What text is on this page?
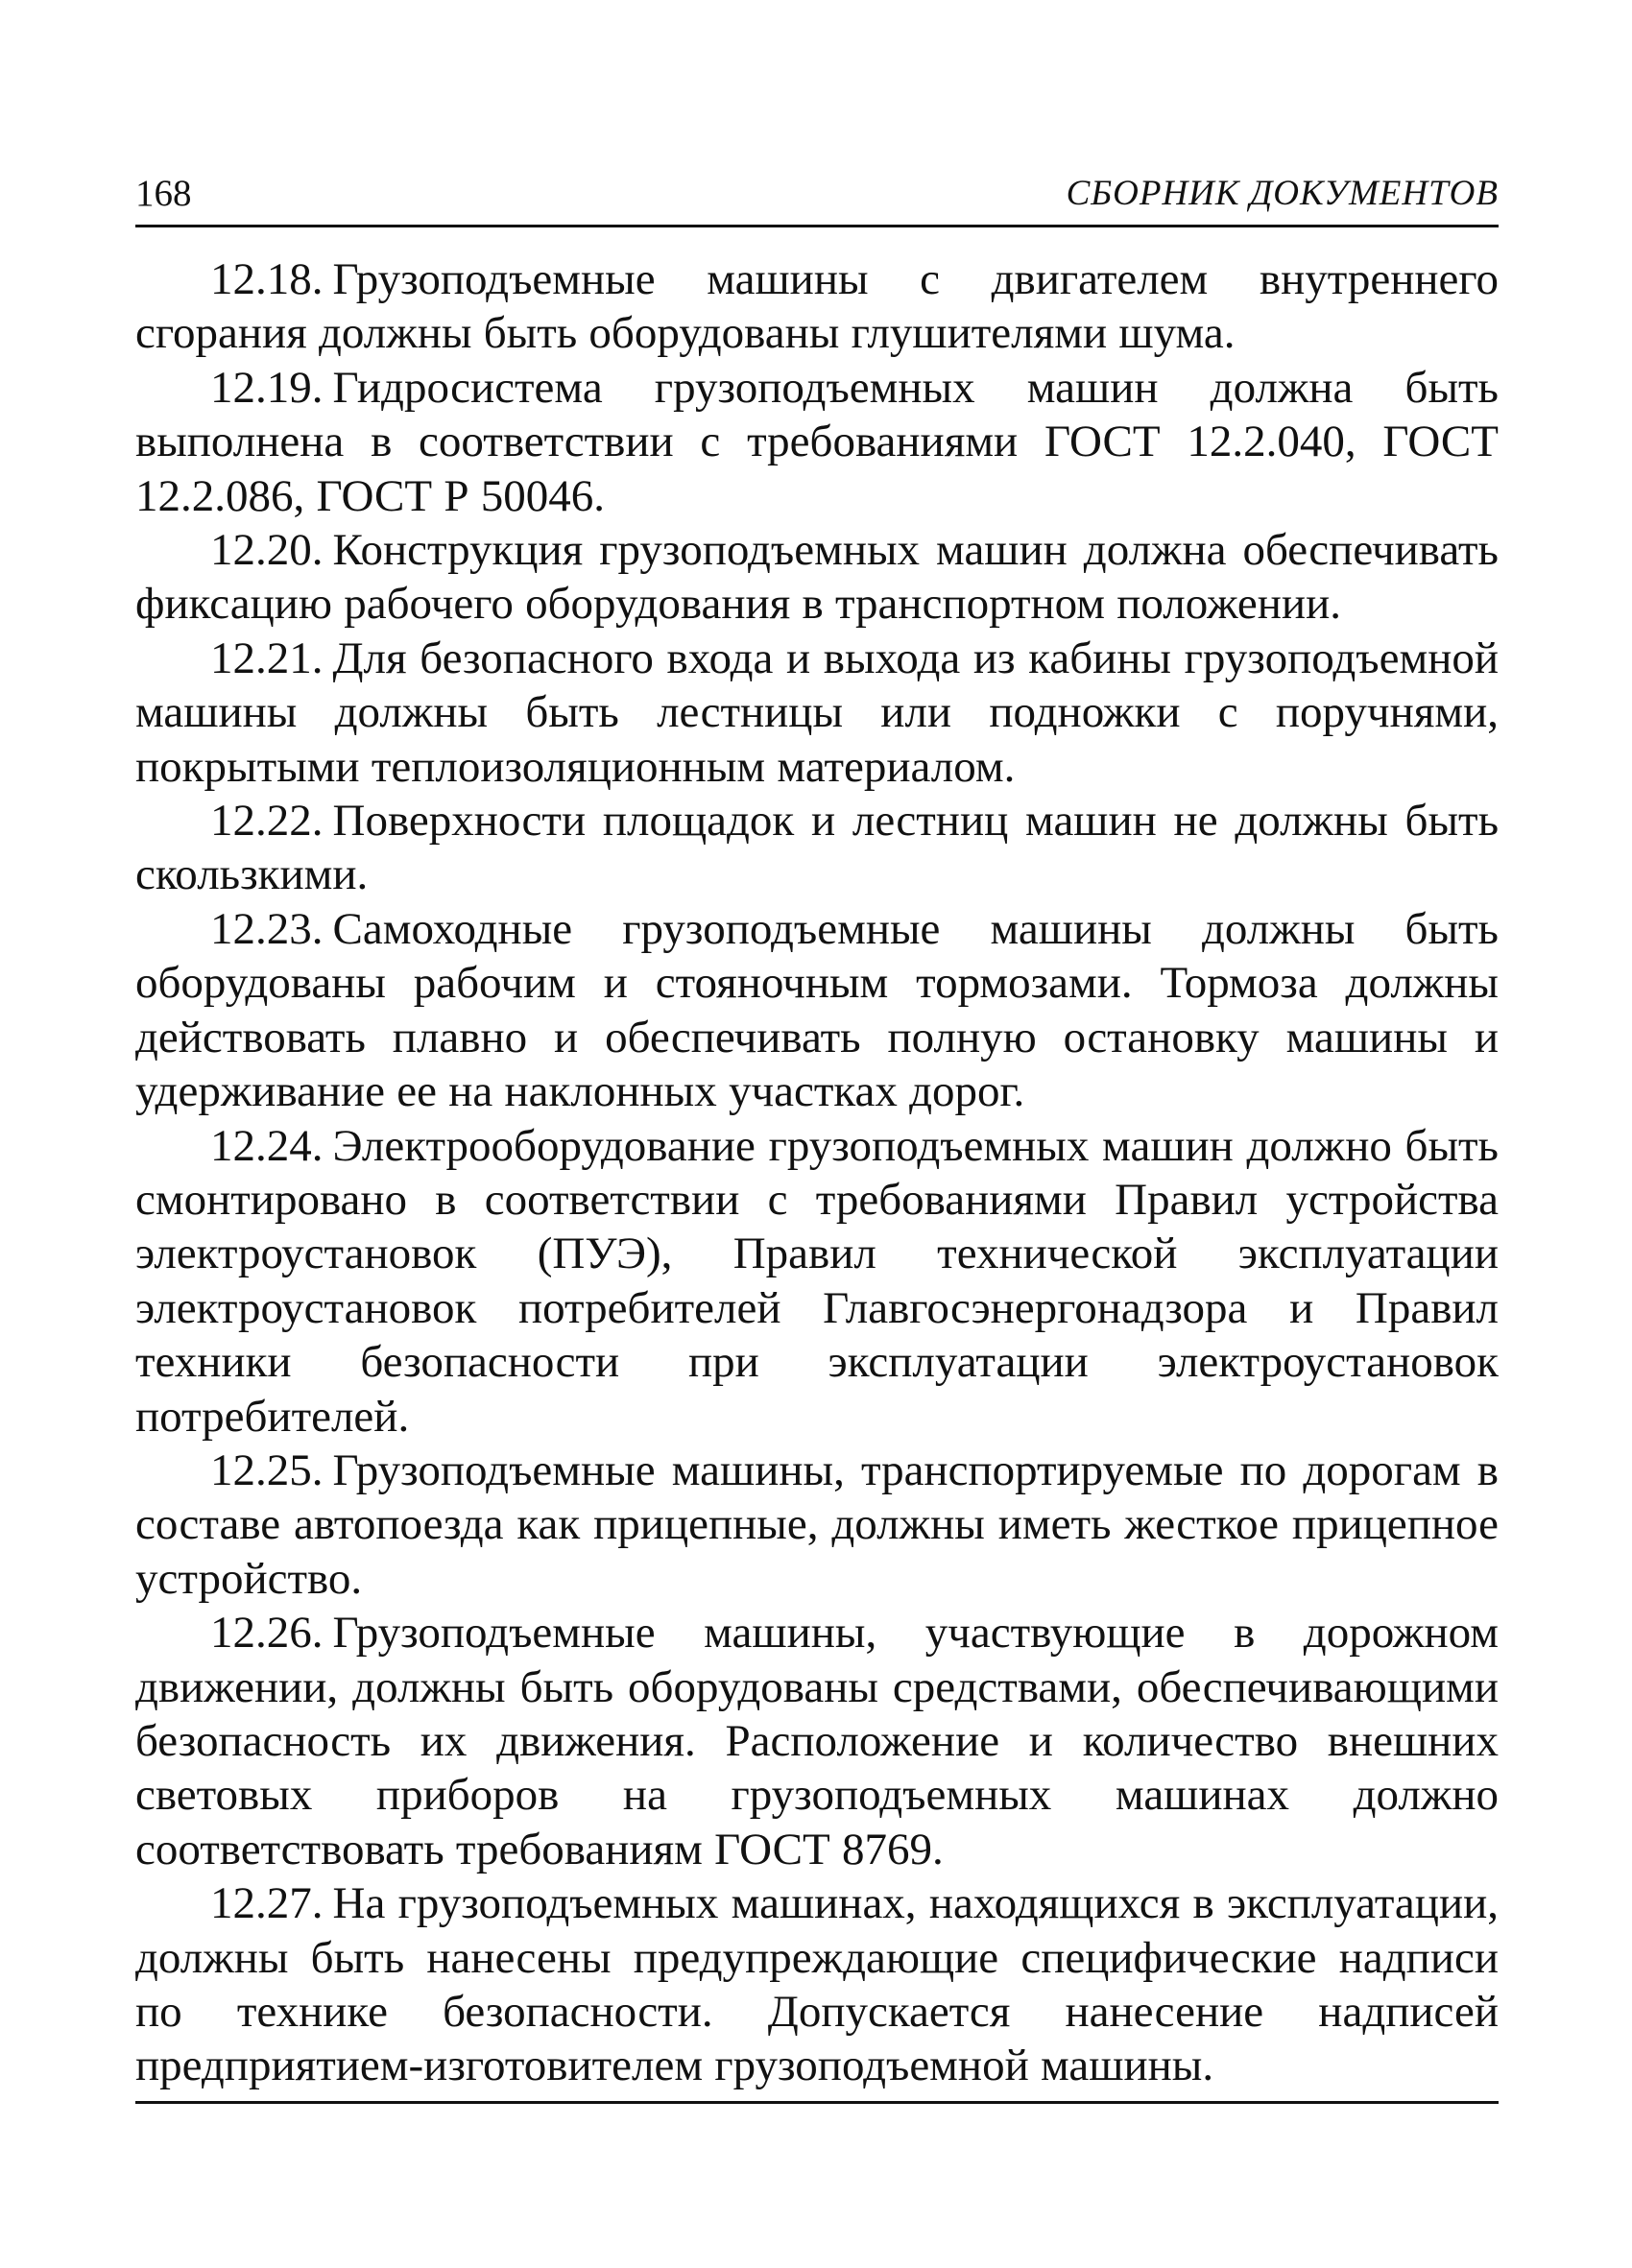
168	СБОРНИК ДОКУМЕНТОВ

12.18. Грузоподъемные машины с двигателем внутреннего сгорания должны быть оборудованы глушителями шума.

12.19. Гидросистема грузоподъемных машин должна быть выполнена в соответствии с требованиями ГОСТ 12.2.040, ГОСТ 12.2.086, ГОСТ Р 50046.

12.20. Конструкция грузоподъемных машин должна обеспечивать фиксацию рабочего оборудования в транспортном положении.

12.21. Для безопасного входа и выхода из кабины грузоподъемной машины должны быть лестницы или подножки с поручнями, покрытыми теплоизоляционным материалом.

12.22. Поверхности площадок и лестниц машин не должны быть скользкими.

12.23. Самоходные грузоподъемные машины должны быть оборудованы рабочим и стояночным тормозами. Тормоза должны действовать плавно и обеспечивать полную остановку машины и удерживание ее на наклонных участках дорог.

12.24. Электрооборудование грузоподъемных машин должно быть смонтировано в соответствии с требованиями Правил устройства электроустановок (ПУЭ), Правил технической эксплуатации электроустановок потребителей Главгосэнергонадзора и Правил техники безопасности при эксплуатации электроустановок потребителей.

12.25. Грузоподъемные машины, транспортируемые по дорогам в составе автопоезда как прицепные, должны иметь жесткое прицепное устройство.

12.26. Грузоподъемные машины, участвующие в дорожном движении, должны быть оборудованы средствами, обеспечивающими безопасность их движения. Расположение и количество внешних световых приборов на грузоподъемных машинах должно соответствовать требованиям ГОСТ 8769.

12.27. На грузоподъемных машинах, находящихся в эксплуатации, должны быть нанесены предупреждающие специфические надписи по технике безопасности. Допускается нанесение надписей предприятием-изготовителем грузоподъемной машины.
